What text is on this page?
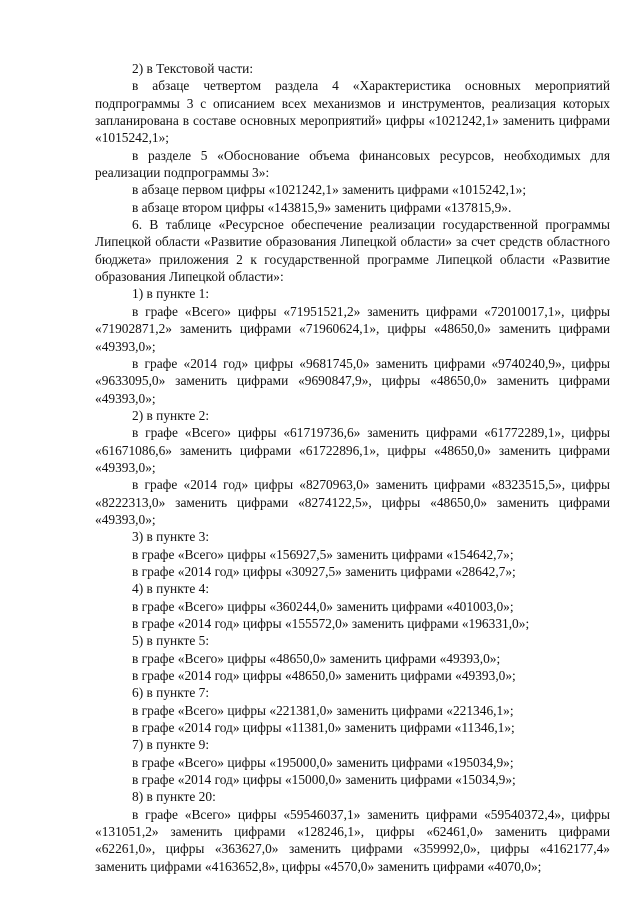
2) в Текстовой части:

в абзаце четвертом раздела 4 «Характеристика основных мероприятий подпрограммы 3 с описанием всех механизмов и инструментов, реализация которых запланирована в составе основных мероприятий» цифры «1021242,1» заменить цифрами «1015242,1»;

в разделе 5 «Обоснование объема финансовых ресурсов, необходимых для реализации подпрограммы 3»:

в абзаце первом цифры «1021242,1» заменить цифрами «1015242,1»;

в абзаце втором цифры «143815,9» заменить цифрами «137815,9».

6. В таблице «Ресурсное обеспечение реализации государственной программы Липецкой области «Развитие образования Липецкой области» за счет средств областного бюджета» приложения 2 к государственной программе Липецкой области «Развитие образования Липецкой области»:

1) в пункте 1:

в графе «Всего» цифры «71951521,2» заменить цифрами «72010017,1», цифры «71902871,2» заменить цифрами «71960624,1», цифры «48650,0» заменить цифрами «49393,0»;

в графе «2014 год» цифры «9681745,0» заменить цифрами «9740240,9», цифры «9633095,0» заменить цифрами «9690847,9», цифры «48650,0» заменить цифрами «49393,0»;

2) в пункте 2:

в графе «Всего» цифры «61719736,6» заменить цифрами «61772289,1», цифры «61671086,6» заменить цифрами «61722896,1», цифры «48650,0» заменить цифрами «49393,0»;

в графе «2014 год» цифры «8270963,0» заменить цифрами «8323515,5», цифры «8222313,0» заменить цифрами «8274122,5», цифры «48650,0» заменить цифрами «49393,0»;

3) в пункте 3:

в графе «Всего» цифры «156927,5» заменить цифрами «154642,7»;

в графе «2014 год» цифры «30927,5» заменить цифрами «28642,7»;

4) в пункте 4:

в графе «Всего» цифры «360244,0» заменить цифрами «401003,0»;

в графе «2014 год» цифры «155572,0» заменить цифрами «196331,0»;

5) в пункте 5:

в графе «Всего» цифры «48650,0» заменить цифрами «49393,0»;

в графе «2014 год» цифры «48650,0» заменить цифрами «49393,0»;

6) в пункте 7:

в графе «Всего» цифры «221381,0» заменить цифрами «221346,1»;

в графе «2014 год» цифры «11381,0» заменить цифрами «11346,1»;

7) в пункте 9:

в графе «Всего» цифры «195000,0» заменить цифрами «195034,9»;

в графе «2014 год» цифры «15000,0» заменить цифрами «15034,9»;

8) в пункте 20:

в графе «Всего» цифры «59546037,1» заменить цифрами «59540372,4», цифры «131051,2» заменить цифрами «128246,1», цифры «62461,0» заменить цифрами «62261,0», цифры «363627,0» заменить цифрами «359992,0», цифры «4162177,4» заменить цифрами «4163652,8», цифры «4570,0» заменить цифрами «4070,0»;
